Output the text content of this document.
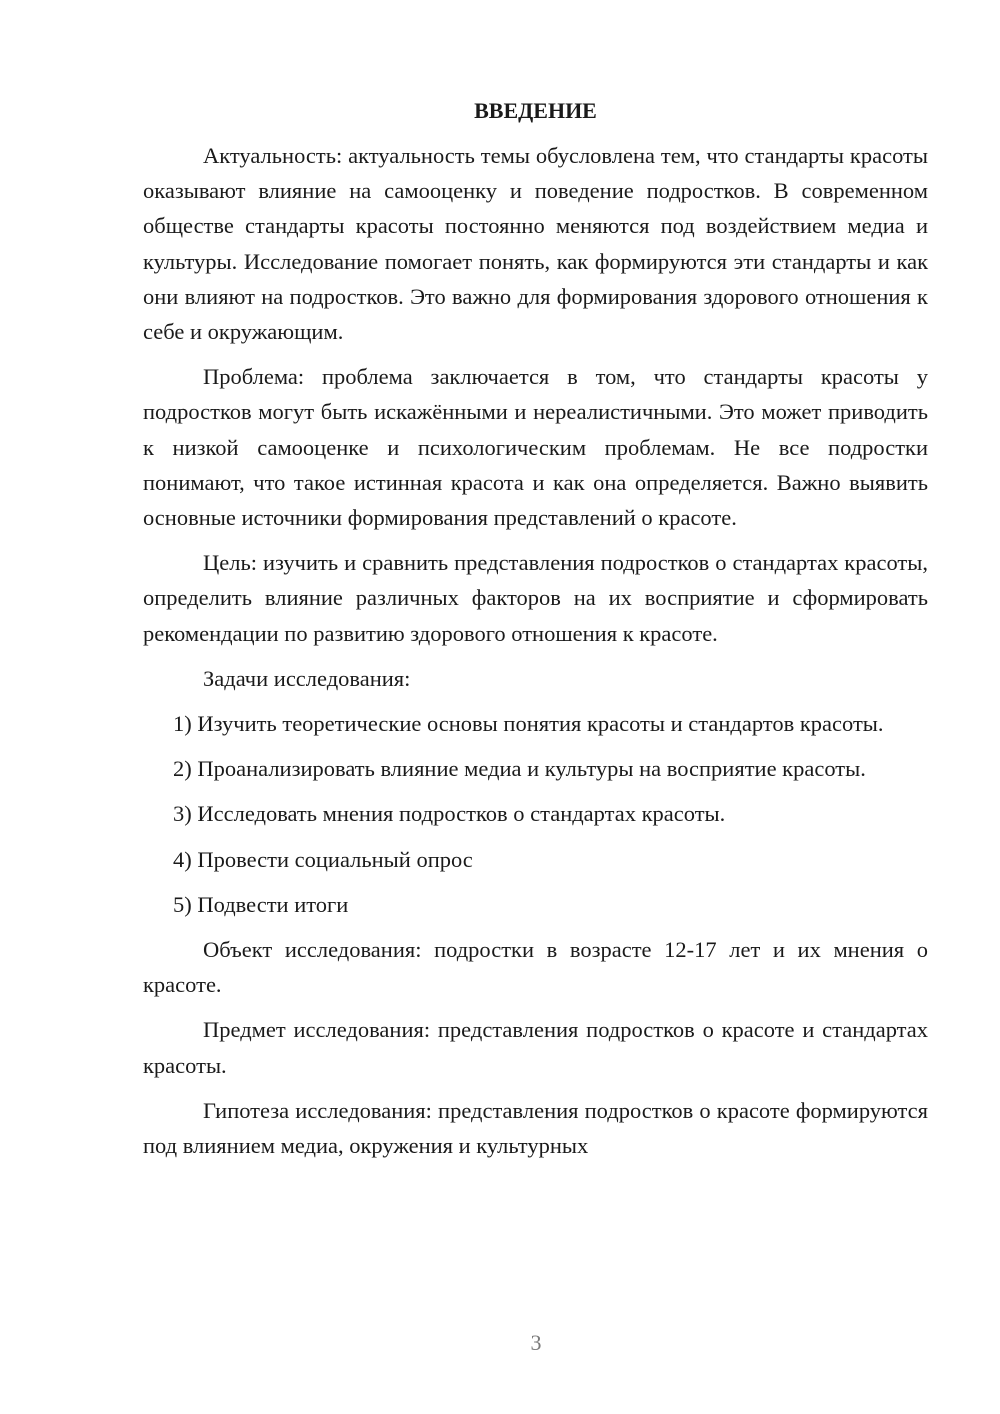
ВВЕДЕНИЕ

Актуальность: актуальность темы обусловлена тем, что стандарты красоты оказывают влияние на самооценку и поведение подростков. В современном обществе стандарты красоты постоянно меняются под воздействием медиа и культуры. Исследование помогает понять, как формируются эти стандарты и как они влияют на подростков. Это важно для формирования здорового отношения к себе и окружающим.

Проблема: проблема заключается в том, что стандарты красоты у подростков могут быть искажёнными и нереалистичными. Это может приводить к низкой самооценке и психологическим проблемам. Не все подростки понимают, что такое истинная красота и как она определяется. Важно выявить основные источники формирования представлений о красоте.

Цель: изучить и сравнить представления подростков о стандартах красоты, определить влияние различных факторов на их восприятие и сформировать рекомендации по развитию здорового отношения к красоте.

Задачи исследования:

1) Изучить теоретические основы понятия красоты и стандартов красоты.

2) Проанализировать влияние медиа и культуры на восприятие красоты.

3) Исследовать мнения подростков о стандартах красоты.

4) Провести социальный опрос

5) Подвести итоги

Объект исследования: подростки в возрасте 12-17 лет и их мнения о красоте.

Предмет исследования: представления подростков о красоте и стандартах красоты.

Гипотеза исследования: представления подростков о красоте формируются под влиянием медиа, окружения и культурных

3
